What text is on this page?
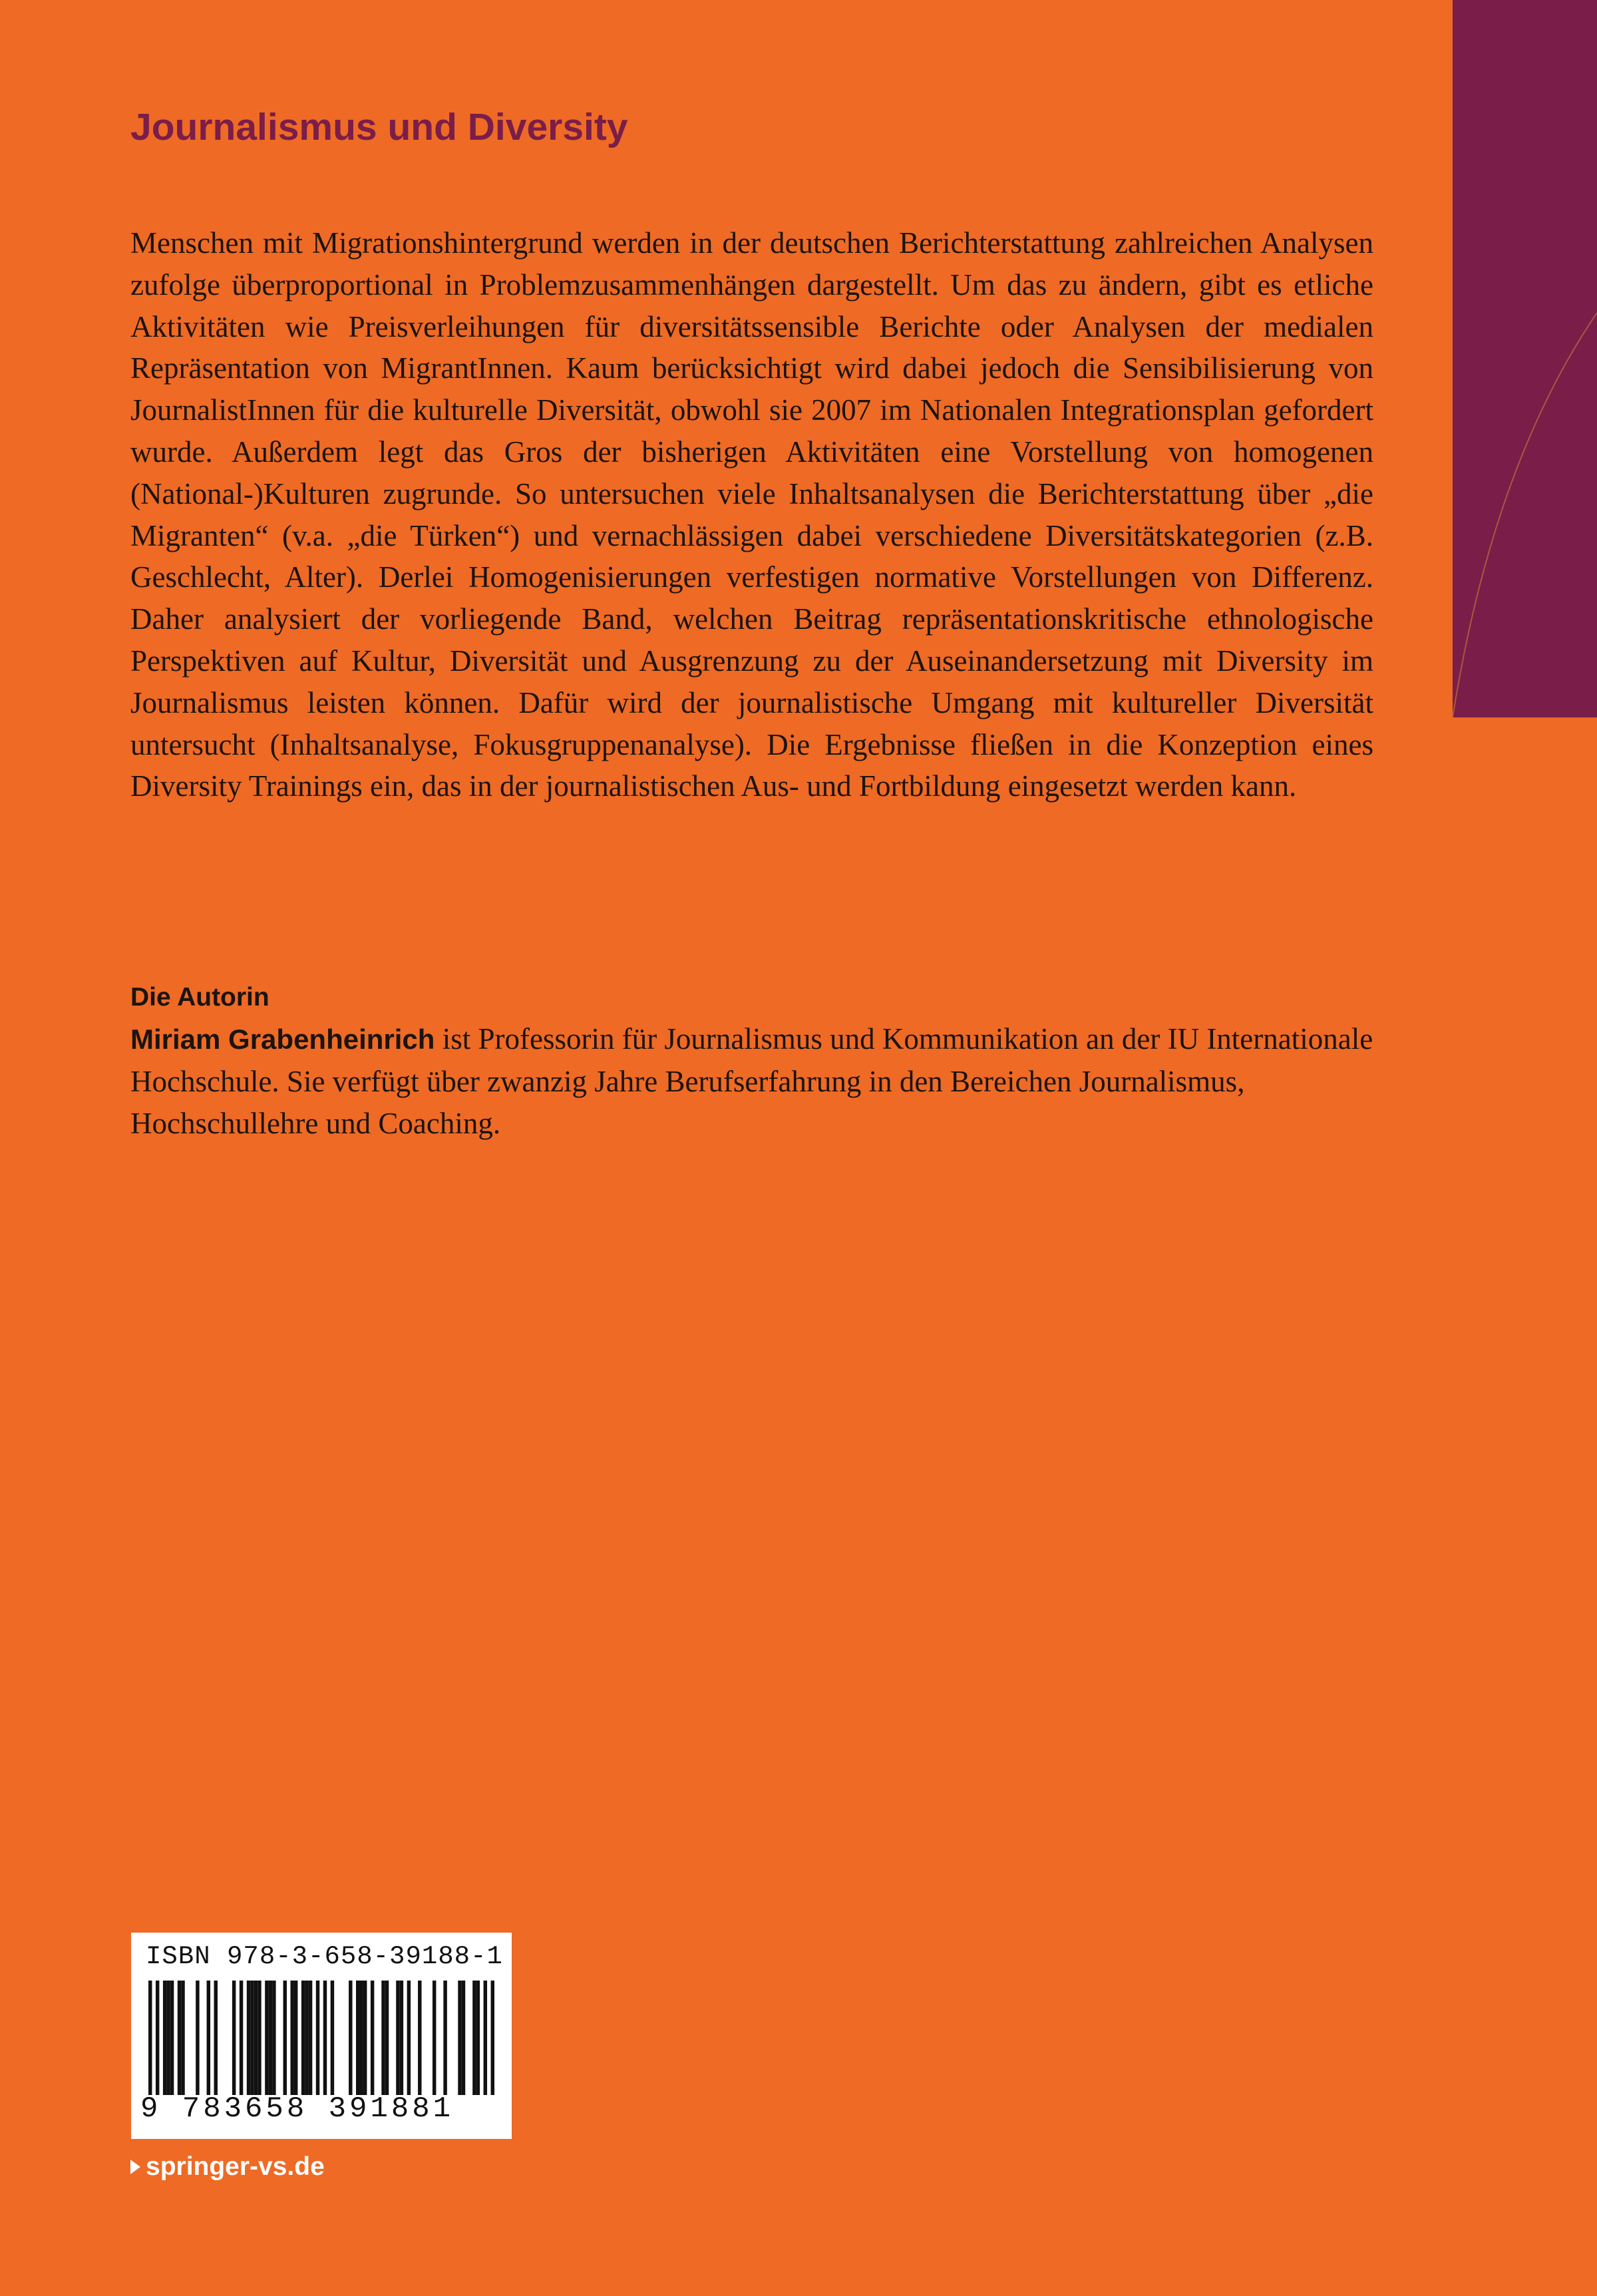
Journalismus und Diversity

Menschen mit Migrationshintergrund werden in der deutschen Berichterstattung zahlreichen Analysen zufolge überproportional in Problemzusammenhängen dargestellt. Um das zu ändern, gibt es etliche Aktivitäten wie Preisverleihungen für diversitätssensible Berichte oder Analysen der medialen Repräsentation von MigrantInnen. Kaum berücksichtigt wird dabei jedoch die Sensibilisierung von JournalistInnen für die kulturelle Diversität, obwohl sie 2007 im Nationalen Integrationsplan gefordert wurde. Außerdem legt das Gros der bisherigen Aktivitäten eine Vorstellung von homogenen (National-)Kulturen zugrunde. So untersuchen viele Inhaltsanalysen die Berichterstattung über „die Migranten“ (v.a. „die Türken“) und vernachlässigen dabei verschiedene Diversitätskategorien (z.B. Geschlecht, Alter). Derlei Homogenisierungen verfestigen normative Vorstellungen von Differenz. Daher analysiert der vorliegende Band, welchen Beitrag repräsentationskritische ethnologische Perspektiven auf Kultur, Diversität und Ausgrenzung zu der Auseinandersetzung mit Diversity im Journalismus leisten können. Dafür wird der journalistische Umgang mit kultureller Diversität untersucht (Inhaltsanalyse, Fokusgruppenanalyse). Die Ergebnisse fließen in die Konzeption eines Diversity Trainings ein, das in der journalistischen Aus- und Fortbildung eingesetzt werden kann.

Die Autorin

Miriam Grabenheinrich ist Professorin für Journalismus und Kommunikation an der IU Internationale Hochschule. Sie verfügt über zwanzig Jahre Berufserfahrung in den Bereichen Journalismus, Hochschullehre und Coaching.

ISBN 978-3-658-39188-1
9 783658 391881
springer-vs.de
